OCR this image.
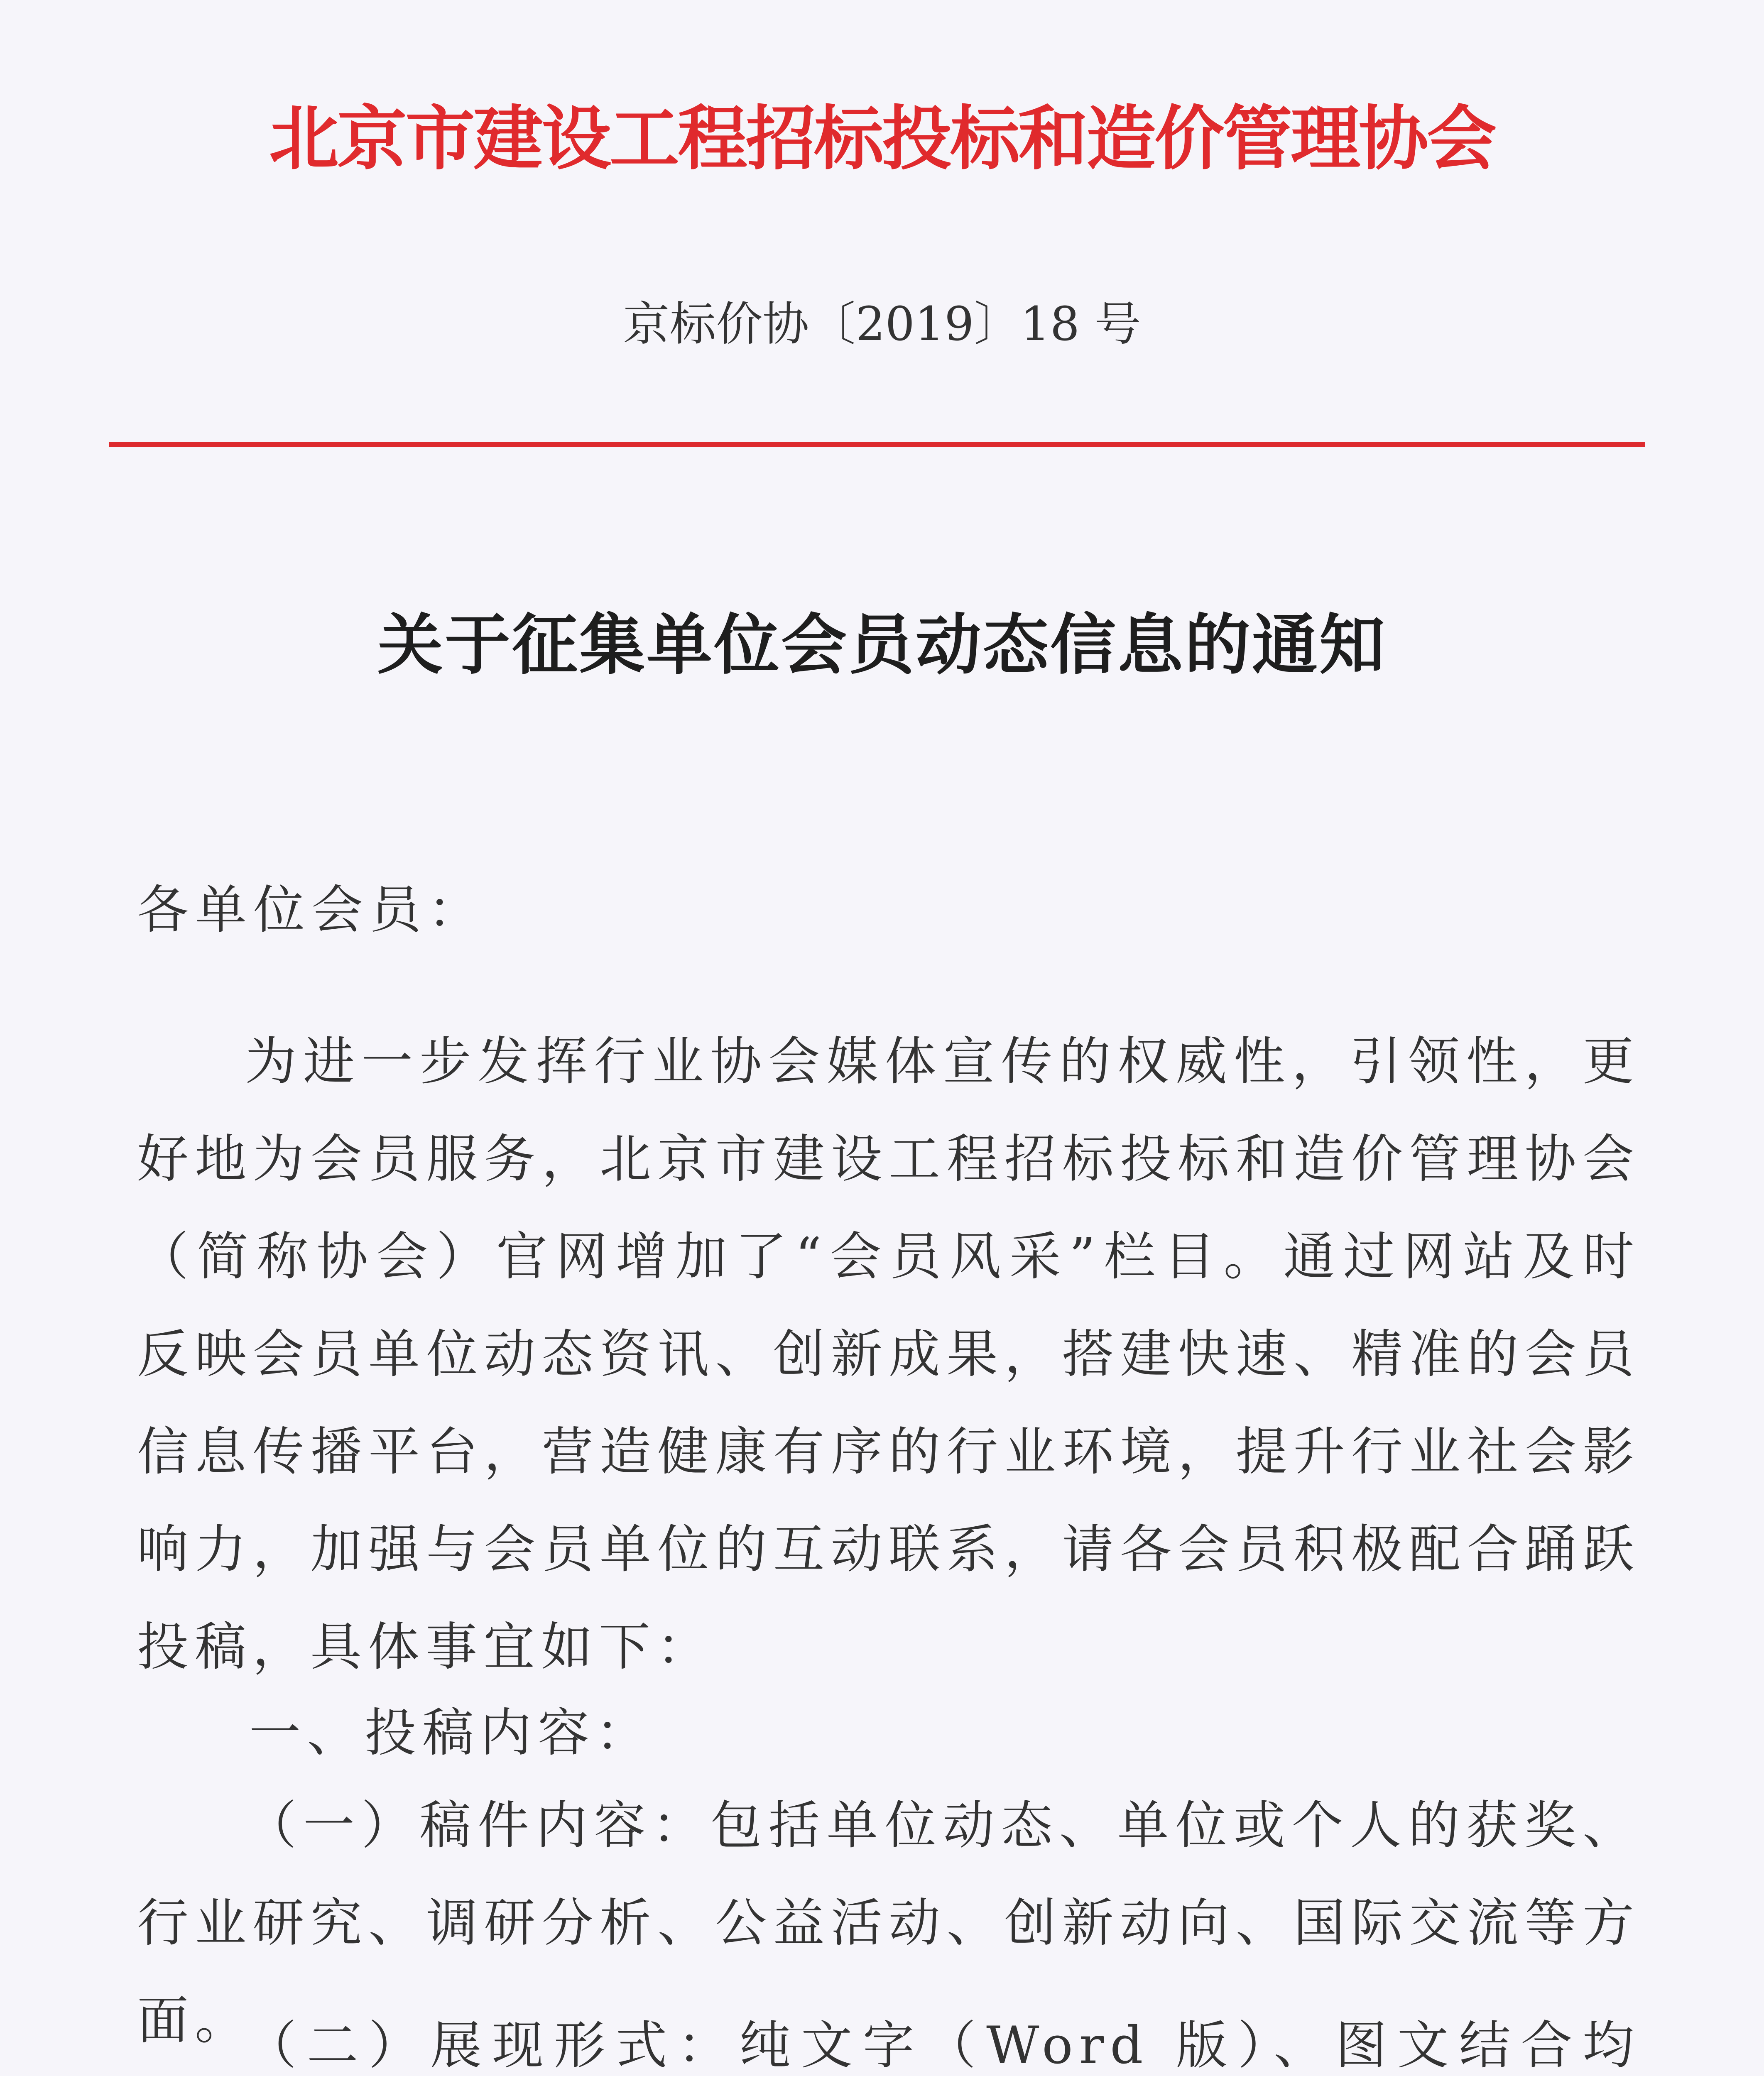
北京市建设工程招标投标和造价管理协会
京标价协〔2019〕18 号
关于征集单位会员动态信息的通知
各单位会员：

为进一步发挥行业协会媒体宣传的权威性，引领性，更好地为会员服务，北京市建设工程招标投标和造价管理协会（简称协会）官网增加了“会员风采”栏目。通过网站及时反映会员单位动态资讯、创新成果，搭建快速、精准的会员信息传播平台，营造健康有序的行业环境，提升行业社会影响力，加强与会员单位的互动联系，请各会员积极配合踊跃投稿，具体事宜如下：

一、投稿内容：

（一）稿件内容：包括单位动态、单位或个人的获奖、行业研究、调研分析、公益活动、创新动向、国际交流等方面。

（二）展现形式：纯文字（Word 版）、图文结合均
